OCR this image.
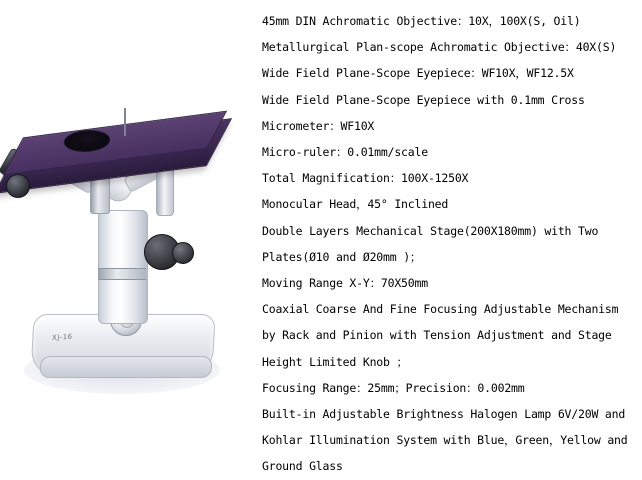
XJ-16
45mm DIN Achromatic Objective：10X，100X(S, Oil)
Metallurgical Plan-scope Achromatic Objective：40X(S)
Wide Field Plane-Scope Eyepiece：WF10X，WF12.5X
Wide Field Plane-Scope Eyepiece with 0.1mm Cross
Micrometer：WF10X
Micro-ruler：0.01mm/scale
Total Magnification：100X-1250X
Monocular Head，45° Inclined
Double Layers Mechanical Stage(200X180mm) with Two Plates(Ø10 and Ø20mm )；
Moving Range X-Y：70X50mm
Coaxial Coarse And Fine Focusing Adjustable Mechanism by Rack and Pinion with Tension Adjustment and Stage Height Limited Knob ；
Focusing Range：25mm；Precision：0.002mm
Built-in Adjustable Brightness Halogen Lamp 6V/20W and Kohlar Illumination System with Blue，Green，Yellow and Ground Glass
